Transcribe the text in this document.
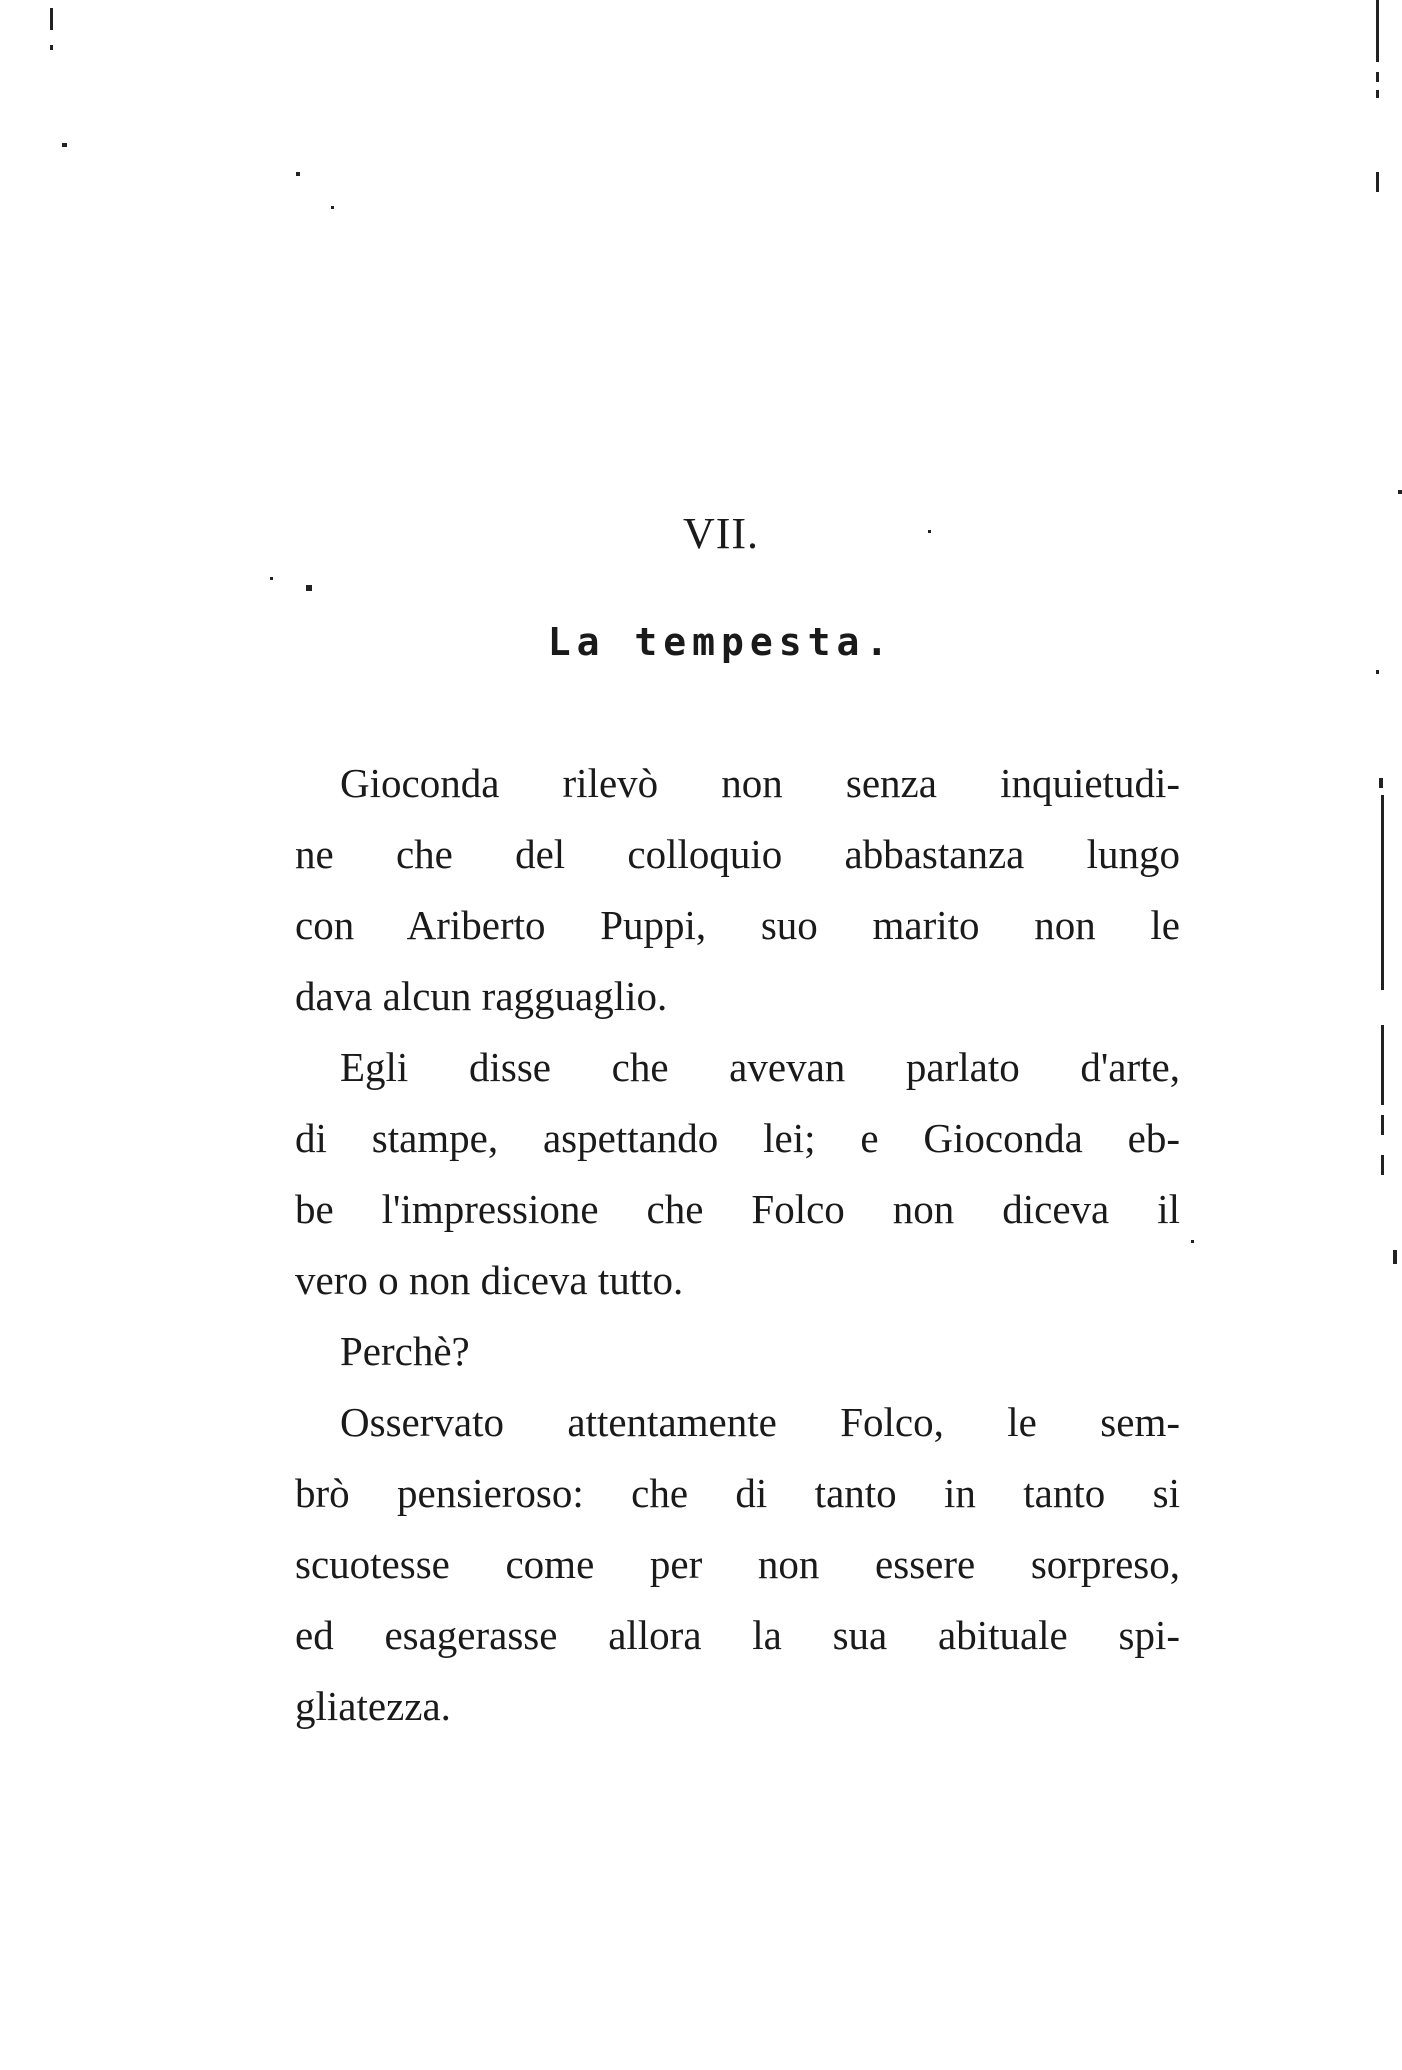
VII.
La tempesta.
Gioconda rilevò non senza inquietudi-
ne che del colloquio abbastanza lungo
con Ariberto Puppi, suo marito non le
dava alcun ragguaglio.
Egli disse che avevan parlato d'arte,
di stampe, aspettando lei; e Gioconda eb-
be l'impressione che Folco non diceva il
vero o non diceva tutto.
Perchè?
Osservato attentamente Folco, le sem-
brò pensieroso: che di tanto in tanto si
scuotesse come per non essere sorpreso,
ed esagerasse allora la sua abituale spi-
gliatezza.
